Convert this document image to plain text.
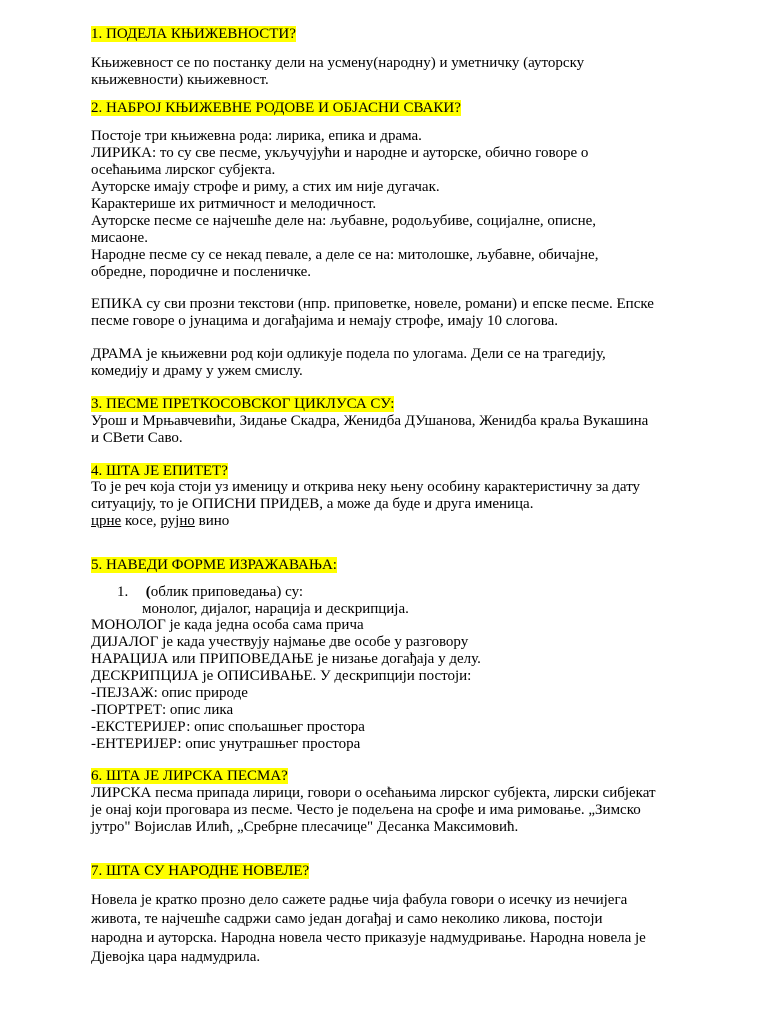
1. ПОДЕЛА КЊИЖЕВНОСТИ?
Књижевност се по постанку дели на усмену(народну) и уметничку (ауторску
књижевности) књижевност.
2. НАБРОЈ КЊИЖЕВНЕ РОДОВЕ И ОБЈАСНИ СВАКИ?
Постоје три књижевна рода: лирика, епика и драма.
ЛИРИКА: то су све песме, укључујући и народне и ауторске, обично говоре о
осећањима лирског субјекта.
Ауторске имају строфе и риму, а стих им није дугачак.
Карактерише их ритмичност и мелодичност.
Ауторске песме се најчешће деле на: љубавне, родољубиве, социјалне, описне,
мисаоне.
Народне песме су се некад певале, а деле се на: митолошке, љубавне, обичајне,
обредне, породичне и посленичке.
ЕПИКА су сви прозни текстови (нпр. приповетке, новеле, романи) и епске песме. Епске
песме говоре о јунацима и догађајима и немају строфе, имају 10 слогова.
ДРАМА је књижевни род који одликује подела по улогама. Дели се на трагедију,
комедију и драму у ужем смислу.
3. ПЕСМЕ ПРЕТКОСОВСКОГ ЦИКЛУСА СУ:
Урош и Мрњавчевићи, Зидање Скадра, Женидба ДУшанова, Женидба краља Вукашина
и СВети Саво.
4. ШТА ЈЕ ЕПИТЕТ?
То је реч која стоји уз именицу и открива неку њену особину карактеристичну за дату
ситуацију, то је ОПИСНИ ПРИДЕВ, а може да буде и друга именица.
црне косе, рујно вино
5. НАВЕДИ ФОРМЕ ИЗРАЖАВАЊА:
1. (облик приповедања) су:
монолог, дијалог, нарација и дескрипција.
МОНОЛОГ је када једна особа сама прича
ДИЈАЛОГ је када учествују најмање две особе у разговору
НАРАЦИЈА или ПРИПОВЕДАЊЕ је низање догађаја у делу.
ДЕСКРИПЦИЈА је ОПИСИВАЊЕ. У дескрипцији постоји:
-ПЕЈЗАЖ: опис природе
-ПОРТРЕТ: опис лика
-ЕКСТЕРИЈЕР: опис спољашњег простора
-ЕНТЕРИЈЕР: опис унутрашњег простора
6. ШТА ЈЕ ЛИРСКА ПЕСМА?
ЛИРСКА песма припада лирици, говори о осећањима лирског субјекта, лирски сибјекат
је онај који проговара из песме. Често је подељена на срофе и има римовање. „Зимско
јутро" Војислав Илић, „Сребрне плесачице" Десанка Максимовић.
7. ШТА СУ НАРОДНЕ НОВЕЛЕ?
Новела је кратко прозно дело сажете радње чија фабула говори о исечку из нечијега
живота, те најчешће садржи само један догађај и само неколико ликова, постоји
народна и ауторска. Народна новела често приказује надмудривање. Народна новела је
Дјевојка цара надмудрила.
